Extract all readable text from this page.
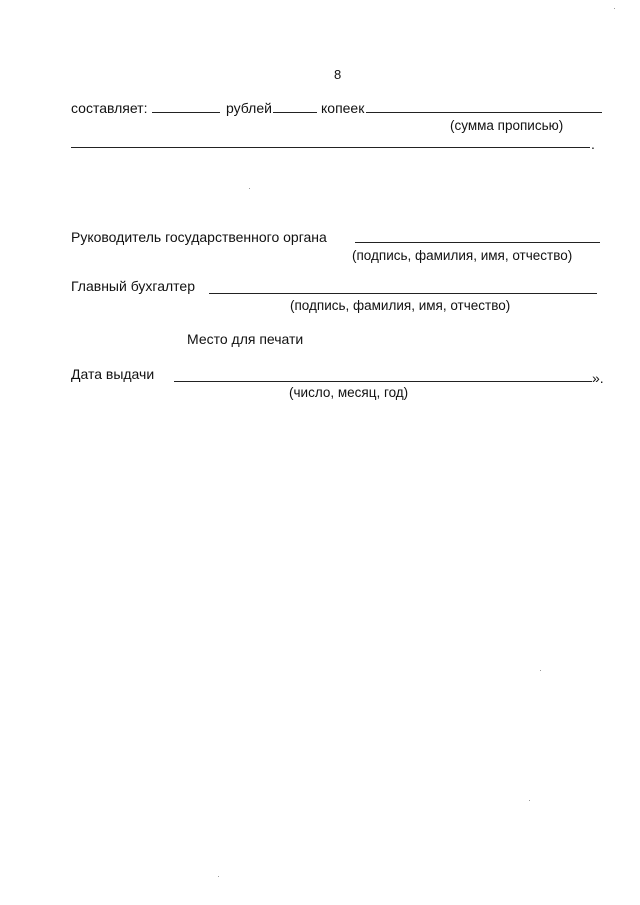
8
составляет:	рублей	копеек
(сумма прописью)
.
Руководитель государственного органа
(подпись, фамилия, имя, отчество)
Главный бухгалтер
(подпись, фамилия, имя, отчество)
Место для печати
Дата выдачи	».
(число, месяц, год)
